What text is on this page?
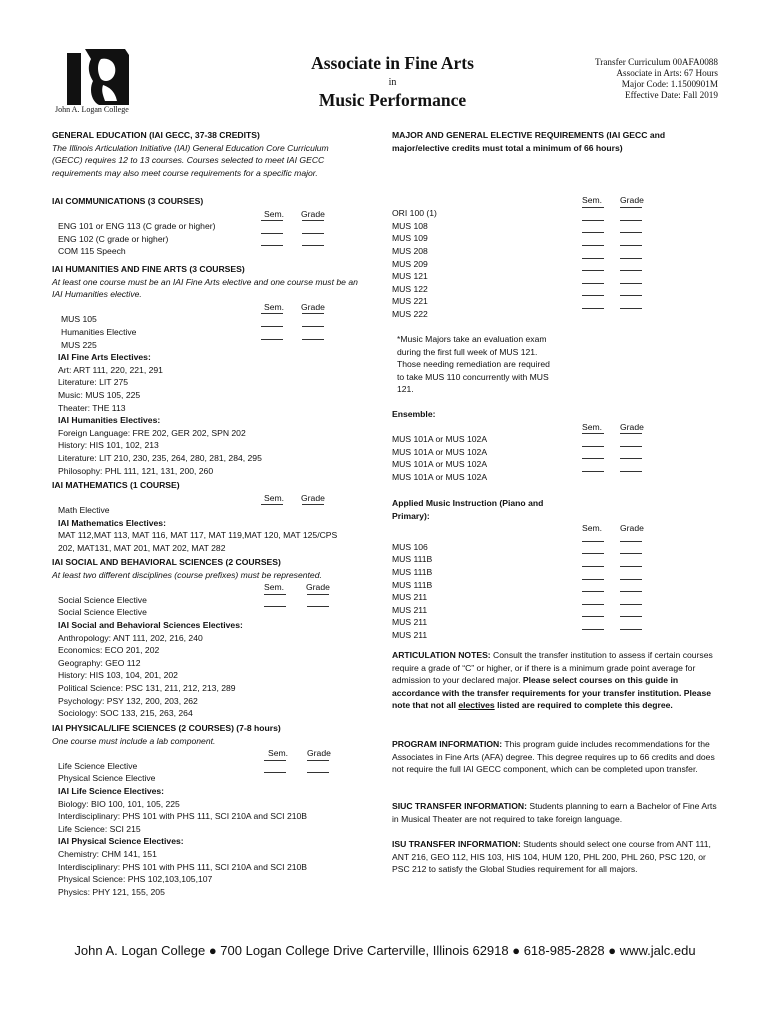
John A. Logan College
Associate in Fine Arts
in
Music Performance
Transfer Curriculum 00AFA0088
Associate in Arts: 67 Hours
Major Code: 1.1500901M
Effective Date: Fall 2019
GENERAL EDUCATION (IAI GECC, 37-38 CREDITS)
The Illinois Articulation Initiative (IAI) General Education Core Curriculum
(GECC) requires 12 to 13 courses. Courses selected to meet IAI GECC
requirements may also meet course requirements for a specific major.
IAI COMMUNICATIONS (3 COURSES)
Sem. Grade
ENG 101 or ENG 113 (C grade or higher)
ENG 102 (C grade or higher)
COM 115 Speech
IAI HUMANITIES AND FINE ARTS (3 COURSES)
At least one course must be an IAI Fine Arts elective and one course must be an
IAI Humanities elective.
Sem. Grade
MUS 105
Humanities Elective
MUS 225
IAI Fine Arts Electives:
Art: ART 111, 220, 221, 291
Literature: LIT 275
Music: MUS 105, 225
Theater: THE 113
IAI Humanities Electives:
Foreign Language: FRE 202, GER 202, SPN 202
History: HIS 101, 102, 213
Literature: LIT 210, 230, 235, 264, 280, 281, 284, 295
Philosophy: PHL 111, 121, 131, 200, 260
IAI MATHEMATICS (1 COURSE)
Sem. Grade
Math Elective
IAI Mathematics Electives:
MAT 112,MAT 113, MAT 116, MAT 117, MAT 119,MAT 120, MAT 125/CPS
202, MAT131, MAT 201, MAT 202, MAT 282
IAI SOCIAL AND BEHAVIORAL SCIENCES (2 COURSES)
At least two different disciplines (course prefixes) must be represented.
Sem.	Grade
Social Science Elective
Social Science Elective
IAI Social and Behavioral Sciences Electives:
Anthropology: ANT 111, 202, 216, 240
Economics: ECO 201, 202
Geography: GEO 112
History: HIS 103, 104, 201, 202
Political Science: PSC 131, 211, 212, 213, 289
Psychology: PSY 132, 200, 203, 262
Sociology: SOC 133, 215, 263, 264
IAI PHYSICAL/LIFE SCIENCES (2 COURSES) (7-8 hours)
One course must include a lab component.
Sem. Grade
Life Science Elective
Physical Science Elective
IAI Life Science Electives:
Biology: BIO 100, 101, 105, 225
Interdisciplinary: PHS 101 with PHS 111, SCI 210A and SCI 210B
Life Science: SCI 215
IAI Physical Science Electives:
Chemistry: CHM 141, 151
Interdisciplinary: PHS 101 with PHS 111, SCI 210A and SCI 210B
Physical Science: PHS 102,103,105,107
Physics: PHY 121, 155, 205
MAJOR AND GENERAL ELECTIVE REQUIREMENTS (IAI GECC and
major/elective credits must total a minimum of 66 hours)
Sem. Grade
ORI 100 (1)
MUS 108
MUS 109
MUS 208
MUS 209
MUS 121
MUS 122
MUS 221
MUS 222
*Music Majors take an evaluation exam
during the first full week of MUS 121.
Those needing remediation are required
to take MUS 110 concurrently with MUS
121.
Ensemble:
Sem. Grade
MUS 101A or MUS 102A
MUS 101A or MUS 102A
MUS 101A or MUS 102A
MUS 101A or MUS 102A
Applied Music Instruction (Piano and
Primary):
Sem. Grade
MUS 106
MUS 111B
MUS 111B
MUS 111B
MUS 211
MUS 211
MUS 211
MUS 211
ARTICULATION NOTES: Consult the transfer institution to assess if certain courses require a grade of “C” or higher, or if there is a minimum grade point average for admission to your declared major. Please select courses on this guide in accordance with the transfer requirements for your transfer institution. Please note that not all electives listed are required to complete this degree.
PROGRAM INFORMATION: This program guide includes recommendations for the Associates in Fine Arts (AFA) degree. This degree requires up to 66 credits and does not require the full IAI GECC component, which can be completed upon transfer.
SIUC TRANSFER INFORMATION: Students planning to earn a Bachelor of Fine Arts in Musical Theater are not required to take foreign language.
ISU TRANSFER INFORMATION: Students should select one course from ANT 111, ANT 216, GEO 112, HIS 103, HIS 104, HUM 120, PHL 200, PHL 260, PSC 120, or PSC 212 to satisfy the Global Studies requirement for all majors.
John A. Logan College ● 700 Logan College Drive Carterville, Illinois 62918 ● 618-985-2828 ● www.jalc.edu
